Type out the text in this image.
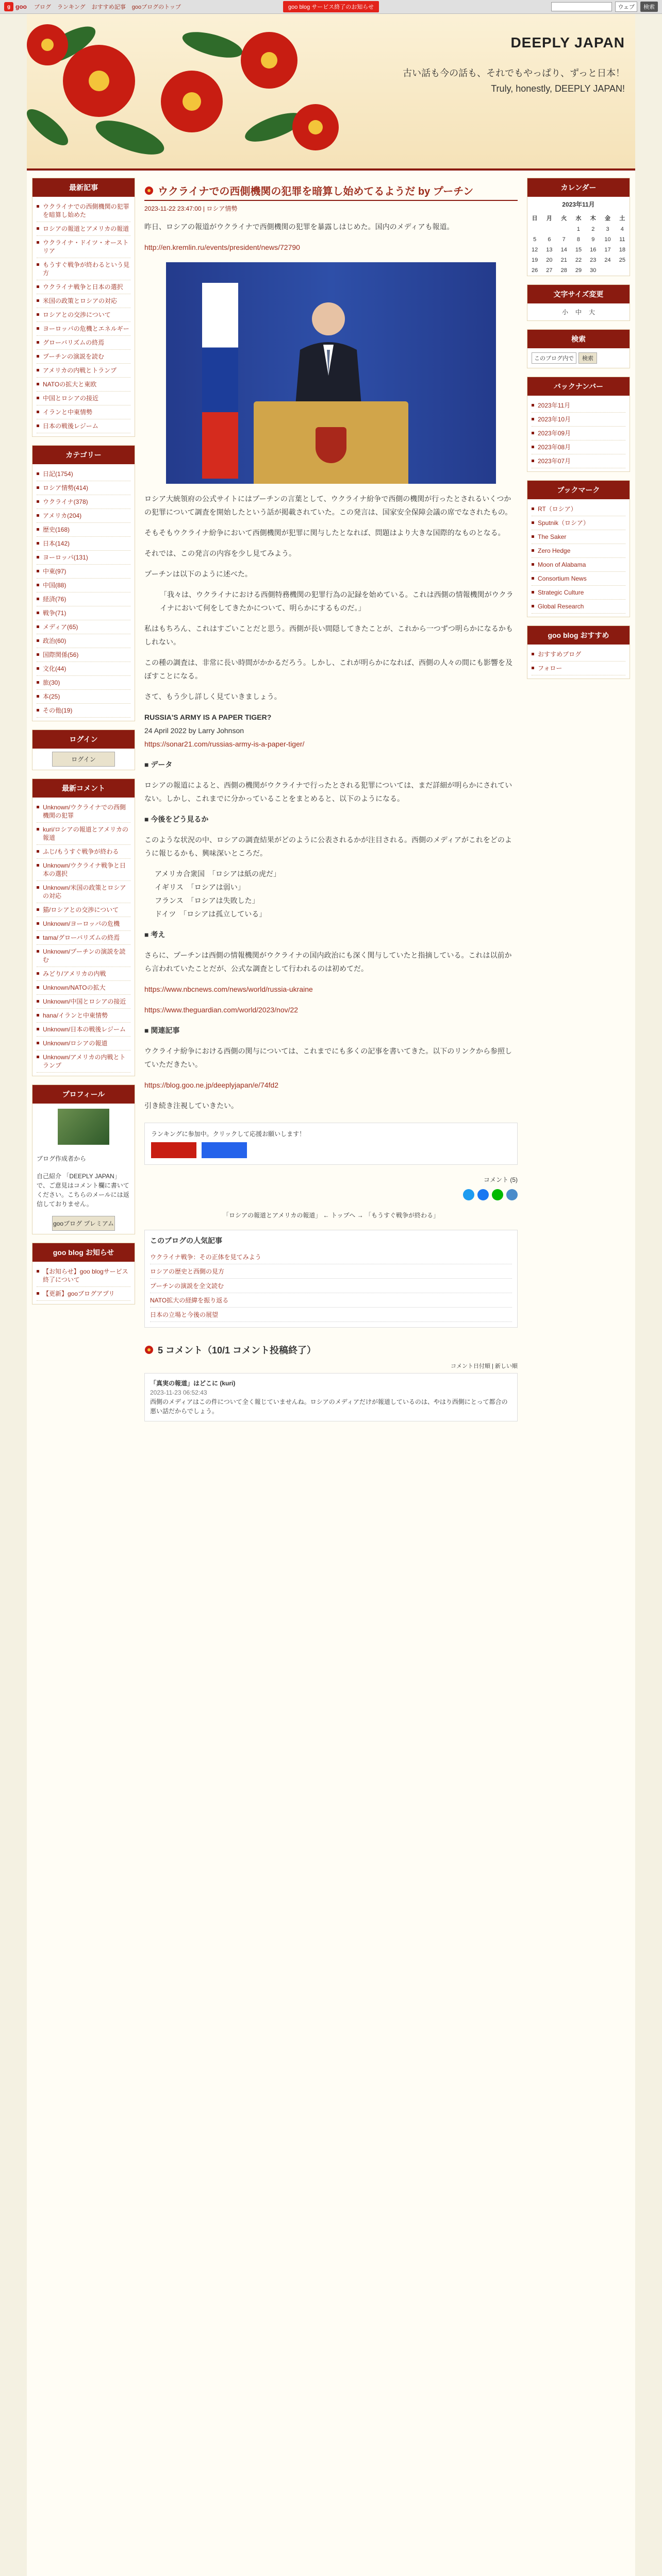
g goo ブログ ランキング おすすめ記事 gooブログのトップ	goo blog サービス終了のお知らせ	ウェブ	検索
DEEPLY JAPAN
古い話も今の話も、それでもやっぱり、ずっと日本！
Truly, honestly, DEEPLY JAPAN!
最新記事
ウクライナでの西側機関の犯罪を暗算し始めた
ロシアの報道とアメリカの報道
ウクライナ・ドイツ・オーストリア
もうすぐ戦争が終わるという見方
ウクライナ戦争と日本の選択
米国の政策とロシアの対応
ロシアとの交渉について
ヨーロッパの危機とエネルギー
グローバリズムの終焉
プーチンの演説を読む
アメリカの内戦とトランプ
NATOの拡大と東欧
中国とロシアの接近
イランと中東情勢
日本の戦後レジーム
カテゴリー
日記(1754)
ロシア情勢(414)
ウクライナ(378)
アメリカ(204)
歴史(168)
日本(142)
ヨーロッパ(131)
中東(97)
中国(88)
経済(76)
戦争(71)
メディア(65)
政治(60)
国際関係(56)
文化(44)
旅(30)
本(25)
その他(19)
ログイン
ログイン
最新コメント
Unknown/ウクライナでの西側機関の犯罪
kuri/ロシアの報道とアメリカの報道
ふじ/もうすぐ戦争が終わる
Unknown/ウクライナ戦争と日本の選択
Unknown/米国の政策とロシアの対応
猫/ロシアとの交渉について
Unknown/ヨーロッパの危機
tama/グローバリズムの終焉
Unknown/プーチンの演説を読む
みどり/アメリカの内戦
Unknown/NATOの拡大
Unknown/中国とロシアの接近
hana/イランと中東情勢
Unknown/日本の戦後レジーム
Unknown/ロシアの報道
Unknown/アメリカの内戦とトランプ
プロフィール
ブログ作成者から
自己紹介 「DEEPLY JAPAN」で、ご意見はコメント欄に書いてください。こちらのメールには返信しておりません。
gooブログ プレミアム
goo blog お知らせ
【お知らせ】goo blogサービス終了について
【更新】gooブログアプリ
ウクライナでの西側機関の犯罪を暗算し始めてるようだ by プーチン
2023-11-22 23:47:00 | ロシア情勢

昨日、ロシアの報道がウクライナで西側機関の犯罪を暴露しはじめた。国内のメディアも報道。

http://en.kremlin.ru/events/president/news/72790

ロシア大統領府の公式サイトにはプーチンの言葉として、ウクライナ紛争で西側の機関が行ったとされるいくつかの犯罪について調査を開始したという話が掲載されていた。この発言は、国家安全保障会議の席でなされたもの。

そもそもウクライナ紛争において西側機関が犯罪に関与したとなれば、問題はより大きな国際的なものとなる。

それでは、この発言の内容を少し見てみよう。

プーチンは以下のように述べた。

「我々は、ウクライナにおける西側特務機関の犯罪行為の記録を始めている。これは西側の情報機関がウクライナにおいて何をしてきたかについて、明らかにするものだ。」

私はもちろん、これはすごいことだと思う。西側が長い間隠してきたことが、これから一つずつ明らかになるかもしれない。

この種の調査は、非常に長い時間がかかるだろう。しかし、これが明らかになれば、西側の人々の間にも影響を及ぼすことになる。

さて、もう少し詳しく見ていきましょう。

RUSSIA'S ARMY IS A PAPER TIGER?
24 April 2022 by Larry Johnson
https://sonar21.com/russias-army-is-a-paper-tiger/

■ データ

ロシアの報道によると、西側の機関がウクライナで行ったとされる犯罪については、まだ詳細が明らかにされていない。しかし、これまでに分かっていることをまとめると、以下のようになる。

■ 今後をどう見るか

このような状況の中、ロシアの調査結果がどのように公表されるかが注目される。西側のメディアがこれをどのように報じるかも、興味深いところだ。

アメリカ合衆国　「ロシアは紙の虎だ」
イギリス　「ロシアは弱い」
フランス　「ロシアは失敗した」
ドイツ　「ロシアは孤立している」

■ 考え

さらに、プーチンは西側の情報機関がウクライナの国内政治にも深く関与していたと指摘している。これは以前から言われていたことだが、公式な調査として行われるのは初めてだ。

https://www.nbcnews.com/news/world/russia-ukraine

https://www.theguardian.com/world/2023/nov/22

■ 関連記事

ウクライナ紛争における西側の関与については、これまでにも多くの記事を書いてきた。以下のリンクから参照していただきたい。

https://blog.goo.ne.jp/deeplyjapan/e/74fd2

引き続き注視していきたい。

ランキングに参加中。クリックして応援お願いします！
コメント (5)
「ロシアの報道とアメリカの報道」 ← トップへ → 「もうすぐ戦争が終わる」
このブログの人気記事
ウクライナ戦争：その正体を見てみよう
ロシアの歴史と西側の見方
プーチンの演説を全文読む
NATO拡大の経緯を振り返る
日本の立場と今後の展望
5 コメント（10/1 コメント投稿終了）
コメント日付順 | 新しい順
「真実の報道」はどこに (kuri)
2023-11-23 06:52:43
西側のメディアはこの件について全く報じていませんね。ロシアのメディアだけが報道しているのは、やはり西側にとって都合の悪い話だからでしょう。
カレンダー
2023年11月
日	月	火	水	木	金	土
			1	2	3	4
5	6	7	8	9	10	11
12	13	14	15	16	17	18
19	20	21	22	23	24	25
26	27	28	29	30		
文字サイズ変更
小 中 大
検索
このブログ内で	検索
バックナンバー
2023年11月
2023年10月
2023年09月
2023年08月
2023年07月
ブックマーク
RT（ロシア）
Sputnik（ロシア）
The Saker
Zero Hedge
Moon of Alabama
Consortium News
Strategic Culture
Global Research
goo blog おすすめ
おすすめブログ
フォロー
